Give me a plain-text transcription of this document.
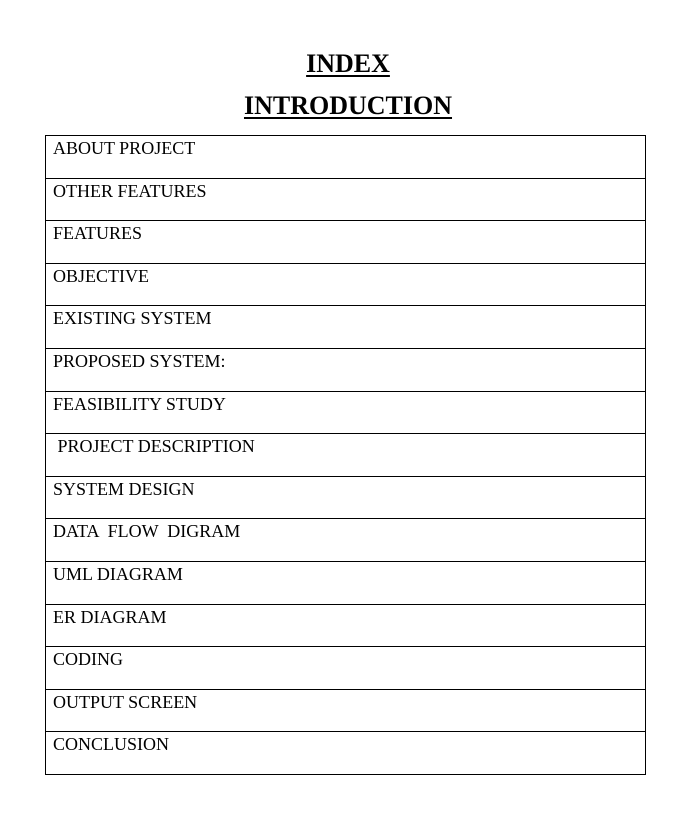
INDEX
INTRODUCTION
ABOUT PROJECT
OTHER FEATURES
FEATURES
OBJECTIVE
EXISTING SYSTEM
PROPOSED SYSTEM:
FEASIBILITY STUDY
PROJECT DESCRIPTION
SYSTEM DESIGN
DATA  FLOW  DIGRAM
UML DIAGRAM
ER DIAGRAM
CODING
OUTPUT SCREEN
CONCLUSION
